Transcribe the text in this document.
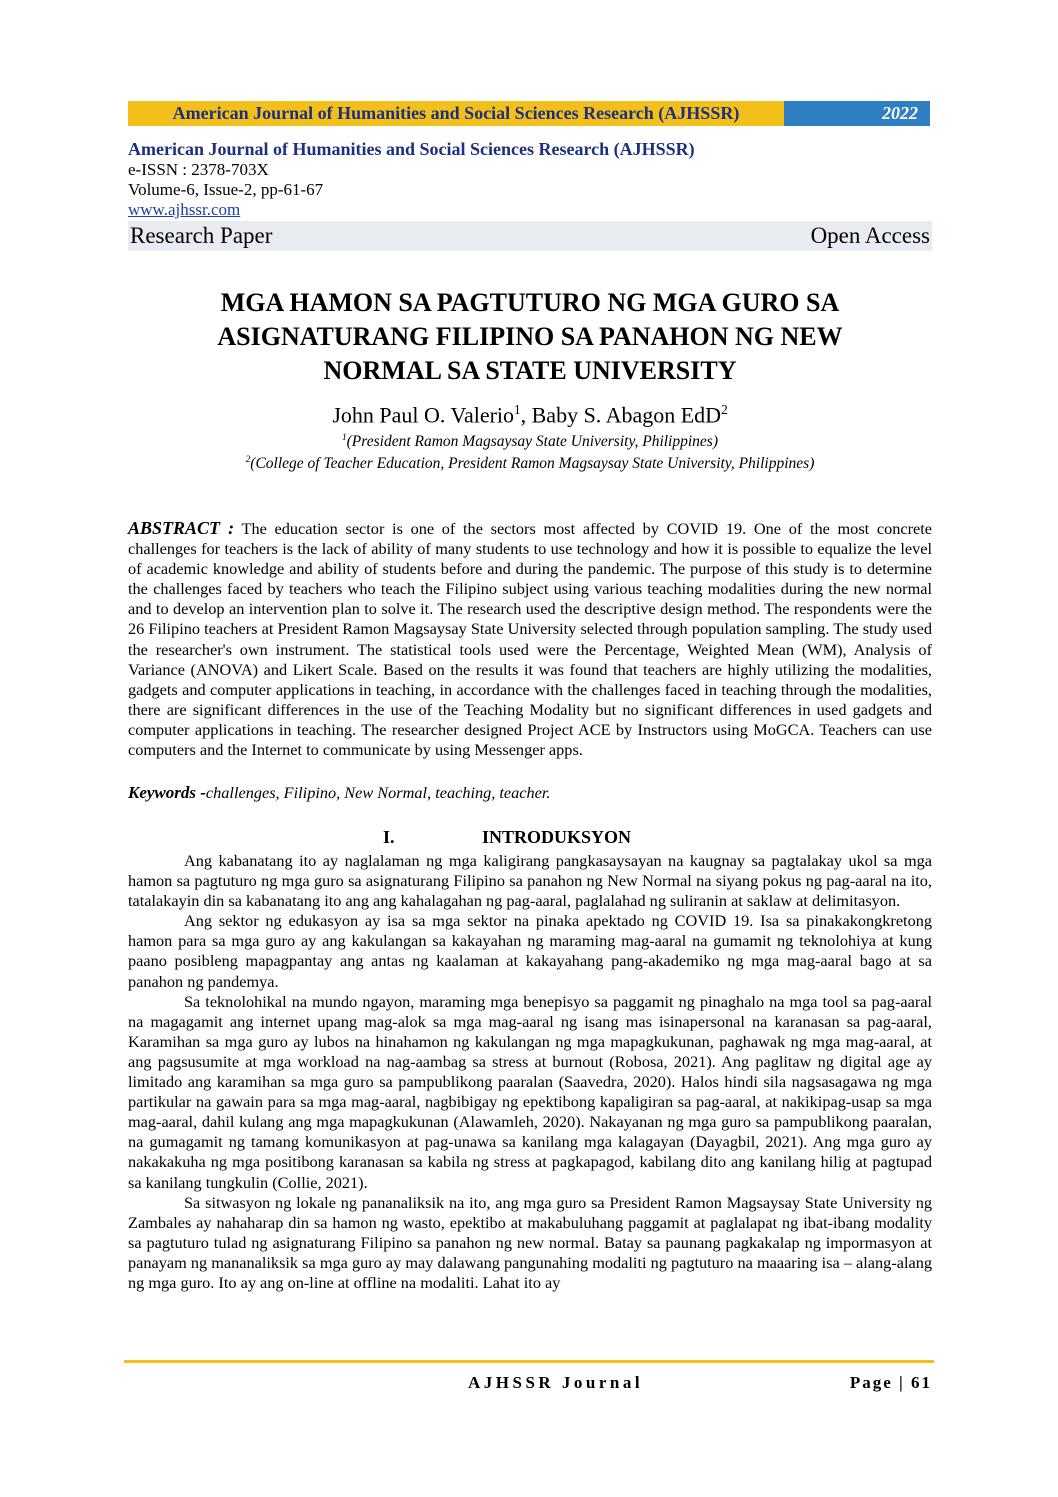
American Journal of Humanities and Social Sciences Research (AJHSSR)	2022
American Journal of Humanities and Social Sciences Research (AJHSSR)
e-ISSN : 2378-703X
Volume-6, Issue-2, pp-61-67
www.ajhssr.com
Research Paper	Open Access
MGA HAMON SA PAGTUTURO NG MGA GURO SA
ASIGNATURANG FILIPINO SA PANAHON NG NEW
NORMAL SA STATE UNIVERSITY
John Paul O. Valerio$^1$, Baby S. Abagon EdD$^2$
$^1$(President Ramon Magsaysay State University, Philippines)
$^2$(College of Teacher Education, President Ramon Magsaysay State University, Philippines)
ABSTRACT : The education sector is one of the sectors most affected by COVID 19. One of the most concrete challenges for teachers is the lack of ability of many students to use technology and how it is possible to equalize the level of academic knowledge and ability of students before and during the pandemic. The purpose of this study is to determine the challenges faced by teachers who teach the Filipino subject using various teaching modalities during the new normal and to develop an intervention plan to solve it. The research used the descriptive design method. The respondents were the 26 Filipino teachers at President Ramon Magsaysay State University selected through population sampling. The study used the researcher's own instrument. The statistical tools used were the Percentage, Weighted Mean (WM), Analysis of Variance (ANOVA) and Likert Scale. Based on the results it was found that teachers are highly utilizing the modalities, gadgets and computer applications in teaching, in accordance with the challenges faced in teaching through the modalities, there are significant differences in the use of the Teaching Modality but no significant differences in used gadgets and computer applications in teaching. The researcher designed Project ACE by Instructors using MoGCA. Teachers can use computers and the Internet to communicate by using Messenger apps.
Keywords -challenges, Filipino, New Normal, teaching, teacher.
I.	INTRODUKSYON

Ang kabanatang ito ay naglalaman ng mga kaligirang pangkasaysayan na kaugnay sa pagtalakay ukol sa mga hamon sa pagtuturo ng mga guro sa asignaturang Filipino sa panahon ng New Normal na siyang pokus ng pag-aaral na ito, tatalakayin din sa kabanatang ito ang ang kahalagahan ng pag-aaral, paglalahad ng suliranin at saklaw at delimitasyon.

Ang sektor ng edukasyon ay isa sa mga sektor na pinaka apektado ng COVID 19. Isa sa pinakakongkretong hamon para sa mga guro ay ang kakulangan sa kakayahan ng maraming mag-aaral na gumamit ng teknolohiya at kung paano posibleng mapagpantay ang antas ng kaalaman at kakayahang pang-akademiko ng mga mag-aaral bago at sa panahon ng pandemya.

Sa teknolohikal na mundo ngayon, maraming mga benepisyo sa paggamit ng pinaghalo na mga tool sa pag-aaral na magagamit ang internet upang mag-alok sa mga mag-aaral ng isang mas isinapersonal na karanasan sa pag-aaral, Karamihan sa mga guro ay lubos na hinahamon ng kakulangan ng mga mapagkukunan, paghawak ng mga mag-aaral, at ang pagsusumite at mga workload na nag-aambag sa stress at burnout (Robosa, 2021). Ang paglitaw ng digital age ay limitado ang karamihan sa mga guro sa pampublikong paaralan (Saavedra, 2020). Halos hindi sila nagsasagawa ng mga partikular na gawain para sa mga mag-aaral, nagbibigay ng epektibong kapaligiran sa pag-aaral, at nakikipag-usap sa mga mag-aaral, dahil kulang ang mga mapagkukunan (Alawamleh, 2020). Nakayanan ng mga guro sa pampublikong paaralan, na gumagamit ng tamang komunikasyon at pag-unawa sa kanilang mga kalagayan (Dayagbil, 2021). Ang mga guro ay nakakakuha ng mga positibong karanasan sa kabila ng stress at pagkapagod, kabilang dito ang kanilang hilig at pagtupad sa kanilang tungkulin (Collie, 2021).

Sa sitwasyon ng lokale ng pananaliksik na ito, ang mga guro sa President Ramon Magsaysay State University ng Zambales ay nahaharap din sa hamon ng wasto, epektibo at makabuluhang paggamit at paglalapat ng ibat-ibang modality sa pagtuturo tulad ng asignaturang Filipino sa panahon ng new normal. Batay sa paunang pagkakalap ng impormasyon at panayam ng mananaliksik sa mga guro ay may dalawang pangunahing modaliti ng pagtuturo na maaaring isa – alang-alang ng mga guro. Ito ay ang on-line at offline na modaliti. Lahat ito ay

AJHSSR Journal	Page | 61
